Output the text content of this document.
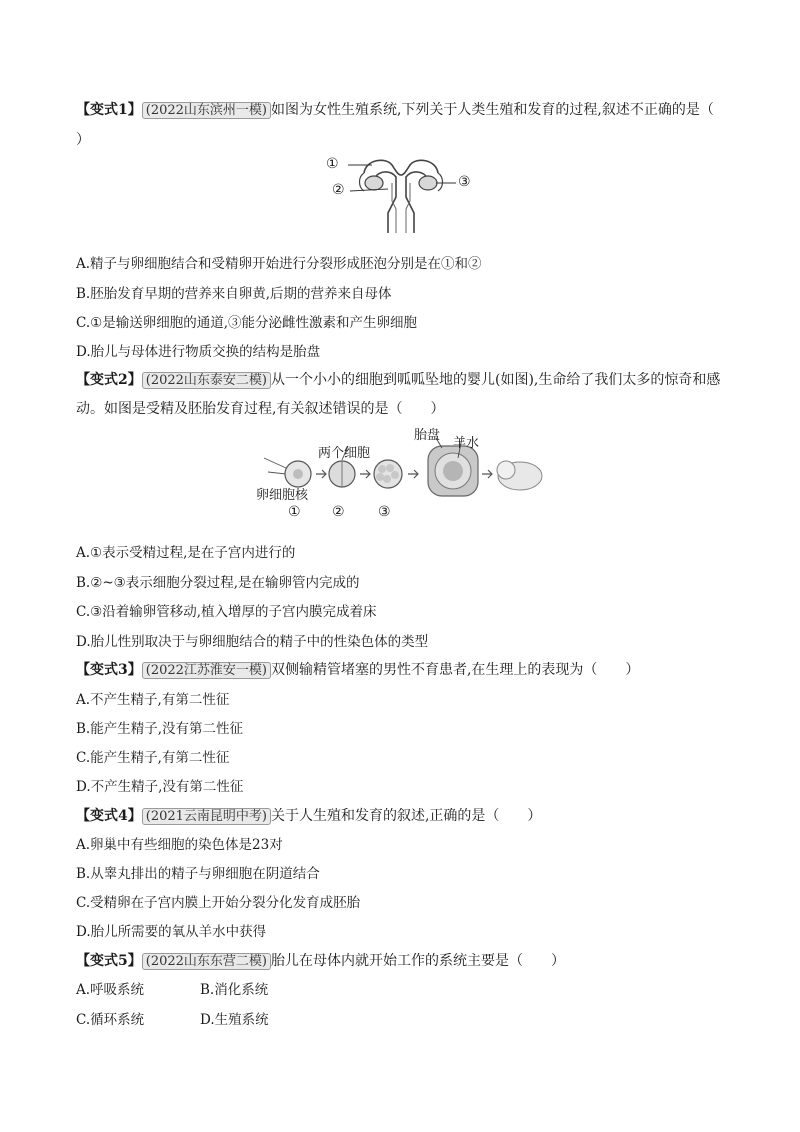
【变式1】 (2022山东滨州一模) 如图为女性生殖系统,下列关于人类生殖和发育的过程,叙述不正确的是（
）
①
②	③
A.精子与卵细胞结合和受精卵开始进行分裂形成胚泡分别是在①和②
B.胚胎发育早期的营养来自卵黄,后期的营养来自母体
C.①是输送卵细胞的通道,③能分泌雌性激素和产生卵细胞
D.胎儿与母体进行物质交换的结构是胎盘
【变式2】 (2022山东泰安二模) 从一个小小的细胞到呱呱坠地的婴儿(如图),生命给了我们太多的惊奇和感
动。如图是受精及胚胎发育过程,有关叙述错误的是（　　）
两个细胞
胎盘
羊水
卵细胞核
① ② ③
A.①表示受精过程,是在子宫内进行的
B.②~③表示细胞分裂过程,是在输卵管内完成的
C.③沿着输卵管移动,植入增厚的子宫内膜完成着床
D.胎儿性别取决于与卵细胞结合的精子中的性染色体的类型
【变式3】 (2022江苏淮安一模) 双侧输精管堵塞的男性不育患者,在生理上的表现为（　　）
A.不产生精子,有第二性征
B.能产生精子,没有第二性征
C.能产生精子,有第二性征
D.不产生精子,没有第二性征
【变式4】 (2021云南昆明中考) 关于人生殖和发育的叙述,正确的是（　　）
A.卵巢中有些细胞的染色体是23对
B.从睾丸排出的精子与卵细胞在阴道结合
C.受精卵在子宫内膜上开始分裂分化发育成胚胎
D.胎儿所需要的氧从羊水中获得
【变式5】 (2022山东东营二模) 胎儿在母体内就开始工作的系统主要是（　　）
A.呼吸系统	B.消化系统
C.循环系统	D.生殖系统
